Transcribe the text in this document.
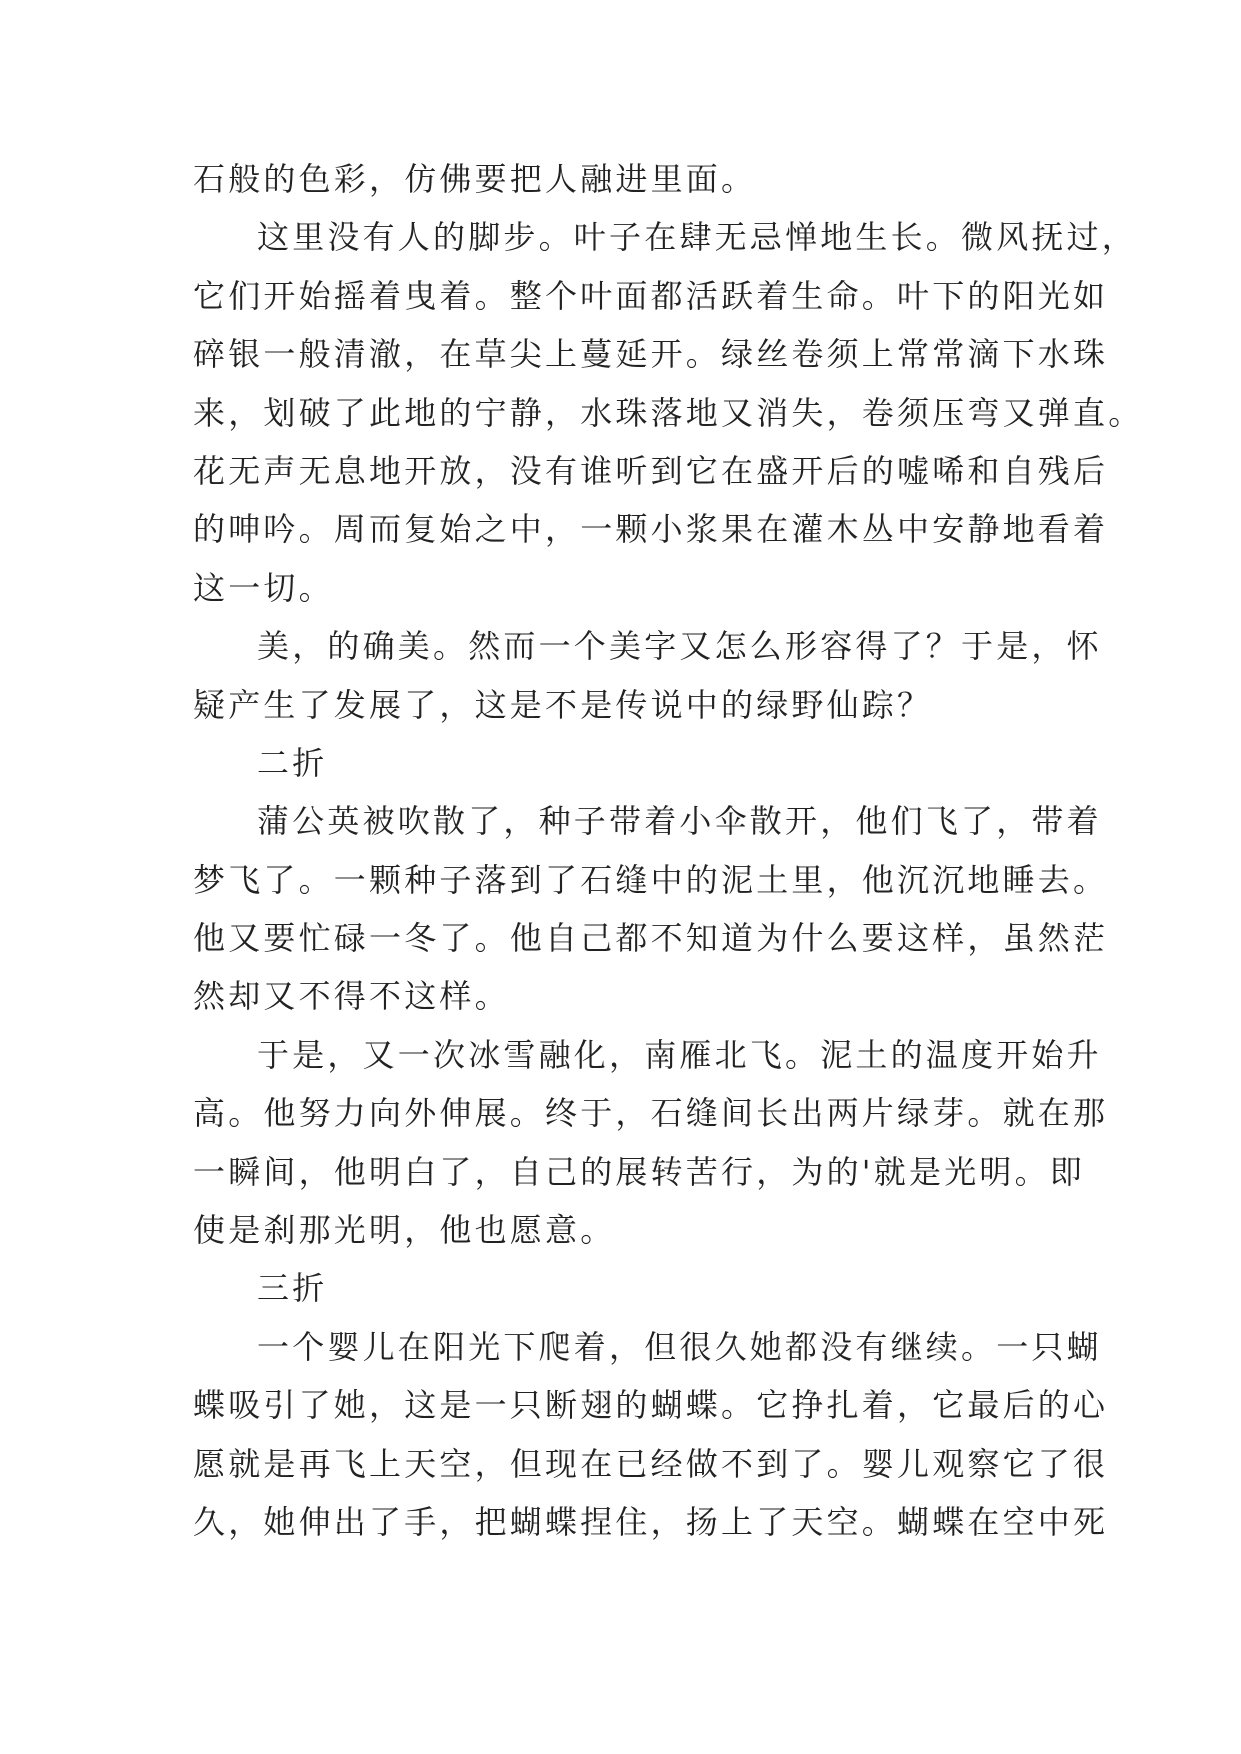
石般的色彩，仿佛要把人融进里面。
这里没有人的脚步。叶子在肆无忌惮地生长。微风抚过，
它们开始摇着曳着。整个叶面都活跃着生命。叶下的阳光如
碎银一般清澈，在草尖上蔓延开。绿丝卷须上常常滴下水珠
来，划破了此地的宁静，水珠落地又消失，卷须压弯又弹直。
花无声无息地开放，没有谁听到它在盛开后的嘘唏和自残后
的呻吟。周而复始之中，一颗小浆果在灌木丛中安静地看着
这一切。
美，的确美。然而一个美字又怎么形容得了？于是，怀
疑产生了发展了，这是不是传说中的绿野仙踪？
二折
蒲公英被吹散了，种子带着小伞散开，他们飞了，带着
梦飞了。一颗种子落到了石缝中的泥土里，他沉沉地睡去。
他又要忙碌一冬了。他自己都不知道为什么要这样，虽然茫
然却又不得不这样。
于是，又一次冰雪融化，南雁北飞。泥土的温度开始升
高。他努力向外伸展。终于，石缝间长出两片绿芽。就在那
一瞬间，他明白了，自己的展转苦行，为的'就是光明。即
使是刹那光明，他也愿意。
三折
一个婴儿在阳光下爬着，但很久她都没有继续。一只蝴
蝶吸引了她，这是一只断翅的蝴蝶。它挣扎着，它最后的心
愿就是再飞上天空，但现在已经做不到了。婴儿观察它了很
久，她伸出了手，把蝴蝶捏住，扬上了天空。蝴蝶在空中死
